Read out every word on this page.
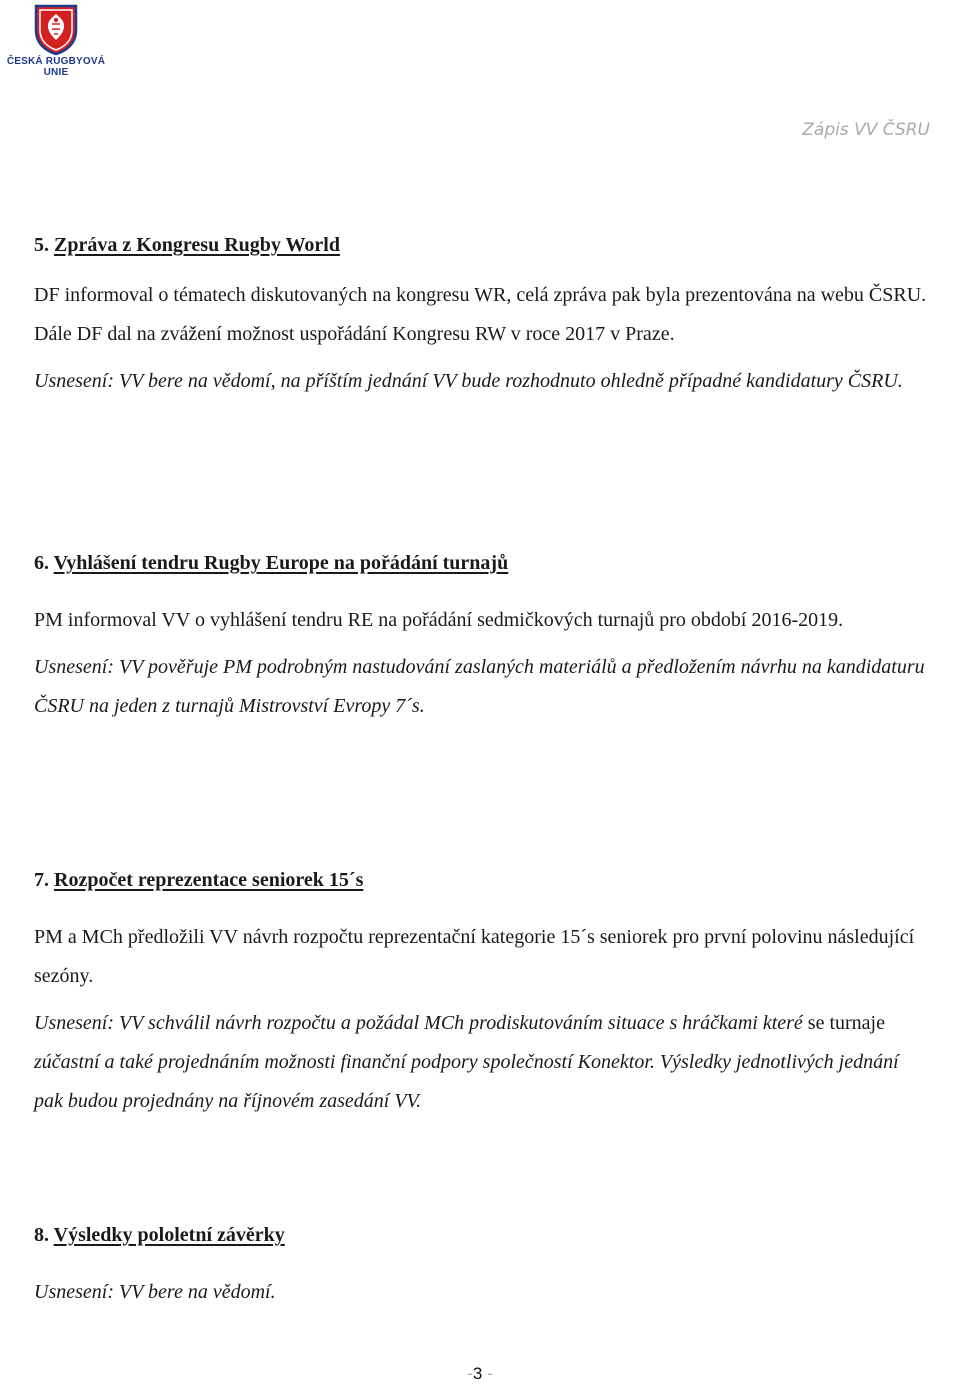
ČESKÁ RUGBYOVÁ
UNIE
Zápis VV ČSRU
5. Zpráva z Kongresu Rugby World

DF informoval o tématech diskutovaných na kongresu WR, celá zpráva pak byla prezentována na webu ČSRU. Dále DF dal na zvážení možnost uspořádání Kongresu RW v roce 2017 v Praze.

Usnesení: VV bere na vědomí, na příštím jednání VV bude rozhodnuto ohledně případné kandidatury ČSRU.

6. Vyhlášení tendru Rugby Europe na pořádání turnajů

PM informoval VV o vyhlášení tendru RE na pořádání sedmičkových turnajů pro období 2016-2019.

Usnesení: VV pověřuje PM podrobným nastudování zaslaných materiálů a předložením návrhu na kandidaturu ČSRU na jeden z turnajů Mistrovství Evropy 7´s.

7. Rozpočet reprezentace seniorek 15´s

PM a MCh předložili VV návrh rozpočtu reprezentační kategorie 15´s seniorek pro první polovinu následující sezóny.

Usnesení: VV schválil návrh rozpočtu a požádal MCh prodiskutováním situace s hráčkami které se turnaje zúčastní a také projednáním možnosti finanční podpory společností Konektor. Výsledky jednotlivých jednání pak budou projednány na říjnovém zasedání VV.

8. Výsledky pololetní závěrky

Usnesení: VV bere na vědomí.

-3 -
